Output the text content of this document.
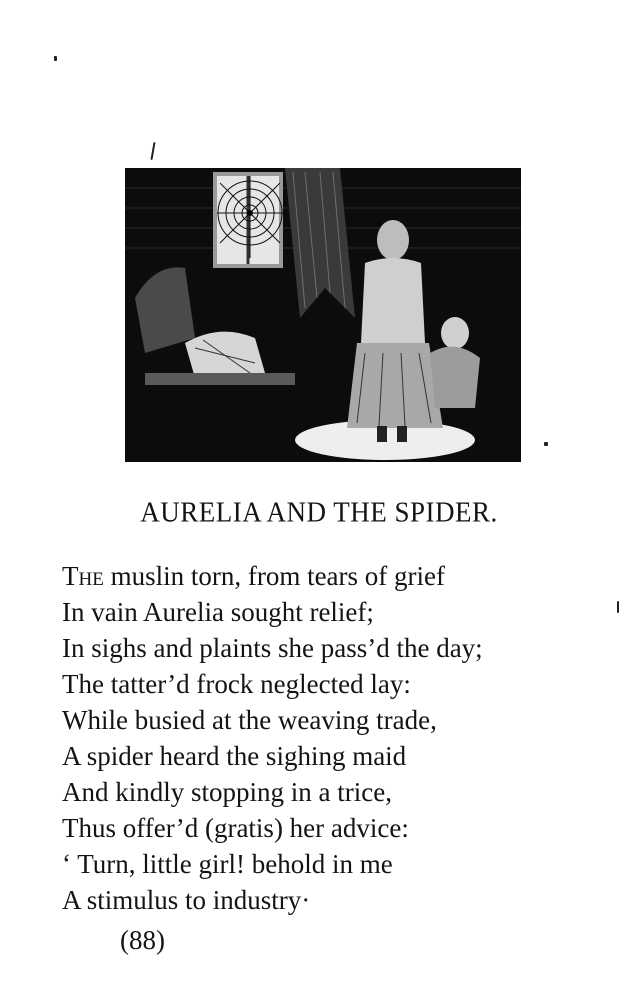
AURELIA AND THE SPIDER.
The muslin torn, from tears of grief
In vain Aurelia sought relief;
In sighs and plaints she pass’d the day;
The tatter’d frock neglected lay:
While busied at the weaving trade,
A spider heard the sighing maid
And kindly stopping in a trice,
Thus offer’d (gratis) her advice:
‘ Turn, little girl! behold in me
A stimulus to industry·
(88)
